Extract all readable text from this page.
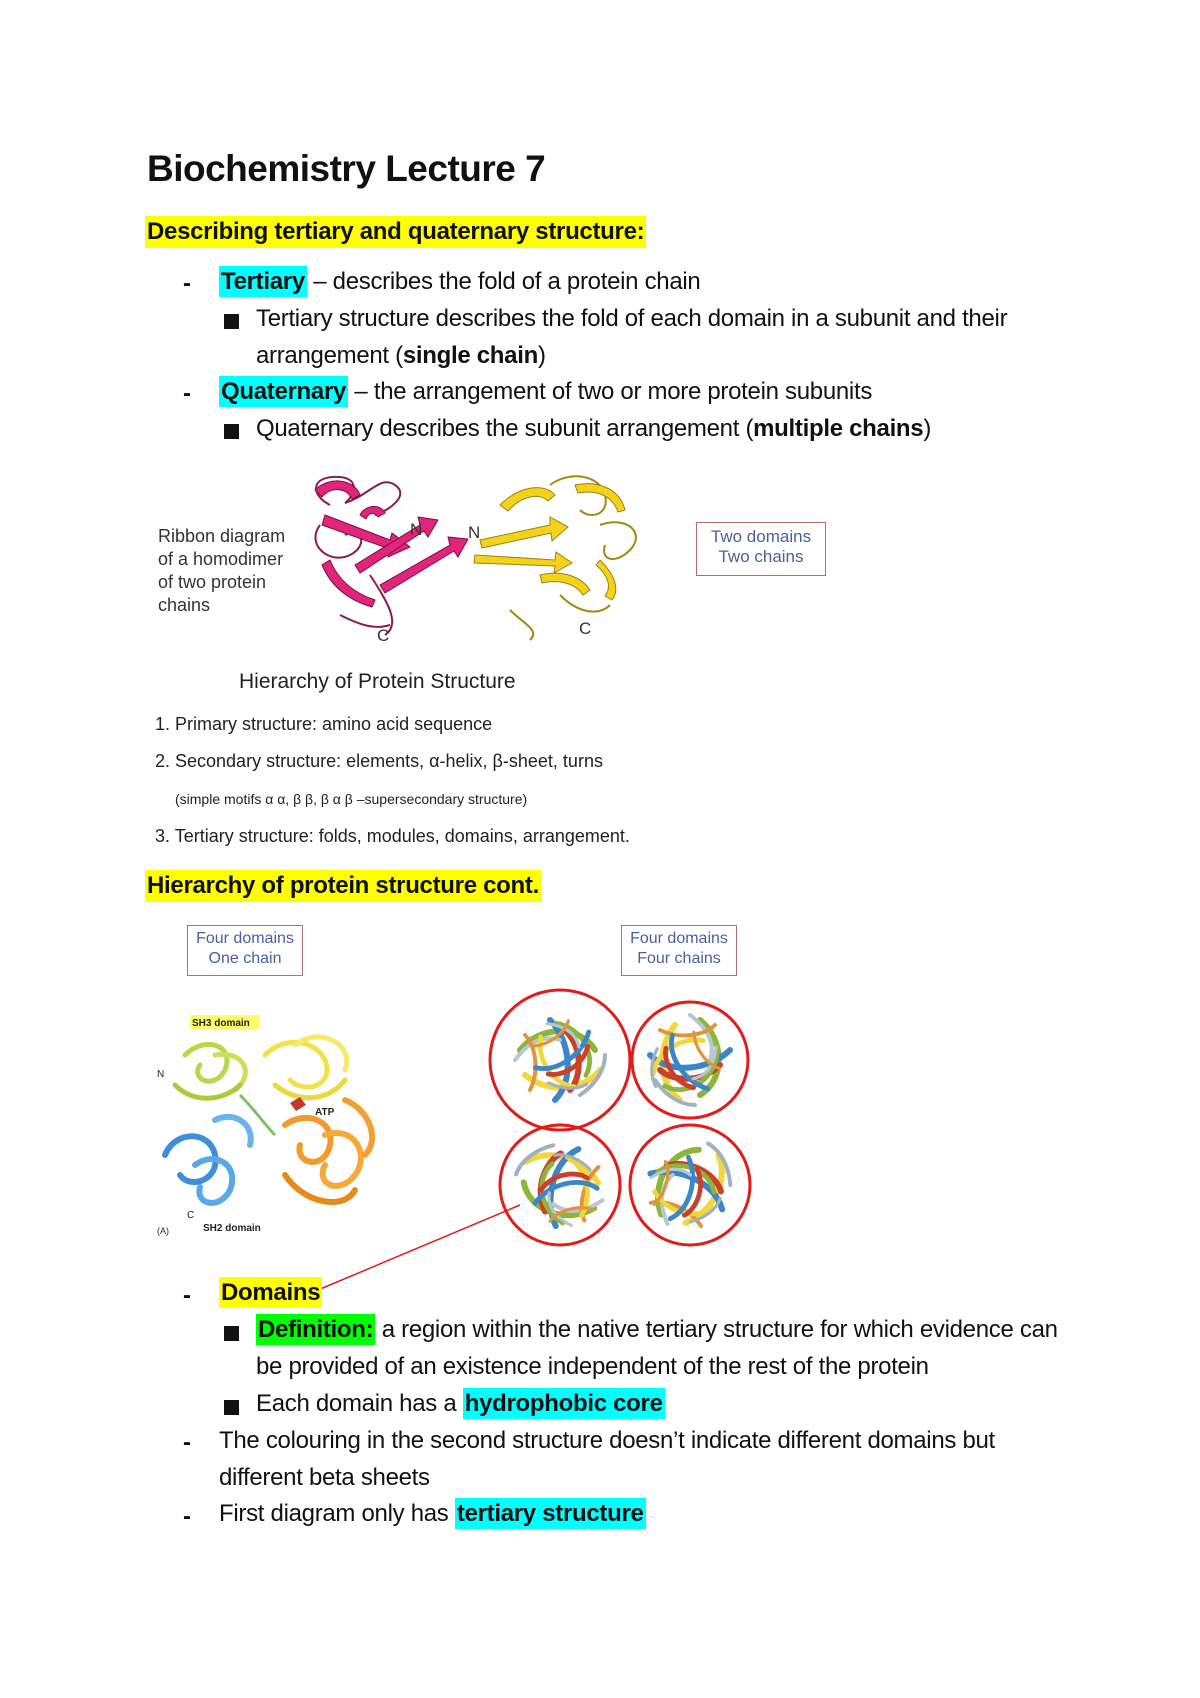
Biochemistry Lecture 7
Describing tertiary and quaternary structure:
- Tertiary – describes the fold of a protein chain
Tertiary structure describes the fold of each domain in a subunit and their
arrangement (single chain)
- Quaternary – the arrangement of two or more protein subunits
Quaternary describes the subunit arrangement (multiple chains)
Ribbon diagram
of a homodimer
of two protein
chains
N	N
C	C
Two domains
Two chains
Hierarchy of Protein Structure
1. Primary structure: amino acid sequence
2. Secondary structure: elements, α-helix, β-sheet, turns
(simple motifs α α, β β, β α β –supersecondary structure)
3. Tertiary structure: folds, modules, domains, arrangement.
Hierarchy of protein structure cont.
Four domains
One chain
Four domains
Four chains
SH3 domain
ATP
N
C
(A)	SH2 domain
- Domains
Definition: a region within the native tertiary structure for which evidence can
be provided of an existence independent of the rest of the protein
Each domain has a hydrophobic core
- The colouring in the second structure doesn’t indicate different domains but
different beta sheets
- First diagram only has tertiary structure
